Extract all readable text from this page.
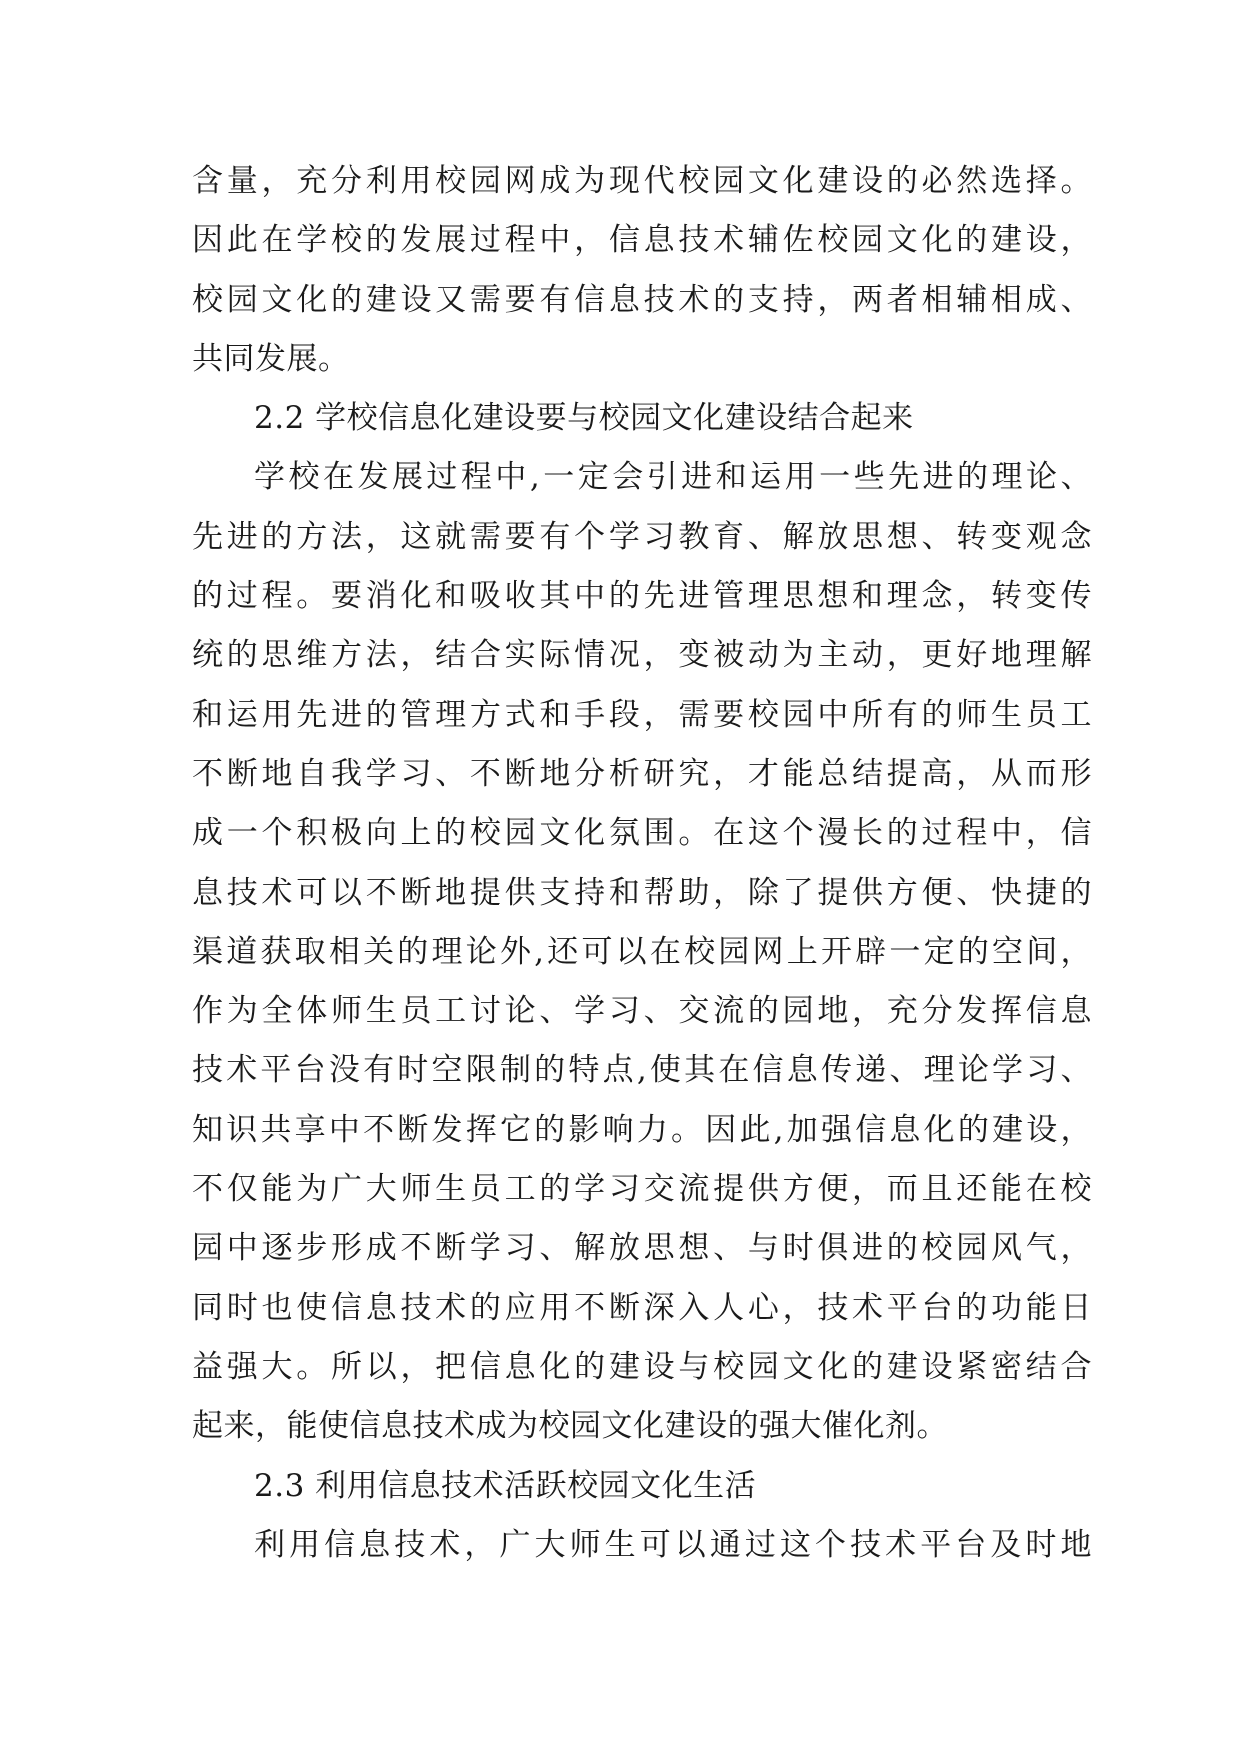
含量，充分利用校园网成为现代校园文化建设的必然选择。
因此在学校的发展过程中，信息技术辅佐校园文化的建设，
校园文化的建设又需要有信息技术的支持，两者相辅相成、
共同发展。
2.2 学校信息化建设要与校园文化建设结合起来
学校在发展过程中,一定会引进和运用一些先进的理论、
先进的方法，这就需要有个学习教育、解放思想、转变观念
的过程。要消化和吸收其中的先进管理思想和理念，转变传
统的思维方法，结合实际情况，变被动为主动，更好地理解
和运用先进的管理方式和手段，需要校园中所有的师生员工
不断地自我学习、不断地分析研究，才能总结提高，从而形
成一个积极向上的校园文化氛围。在这个漫长的过程中，信
息技术可以不断地提供支持和帮助，除了提供方便、快捷的
渠道获取相关的理论外,还可以在校园网上开辟一定的空间，
作为全体师生员工讨论、学习、交流的园地，充分发挥信息
技术平台没有时空限制的特点,使其在信息传递、理论学习、
知识共享中不断发挥它的影响力。因此,加强信息化的建设，
不仅能为广大师生员工的学习交流提供方便，而且还能在校
园中逐步形成不断学习、解放思想、与时俱进的校园风气，
同时也使信息技术的应用不断深入人心，技术平台的功能日
益强大。所以，把信息化的建设与校园文化的建设紧密结合
起来，能使信息技术成为校园文化建设的强大催化剂。
2.3 利用信息技术活跃校园文化生活
利用信息技术，广大师生可以通过这个技术平台及时地
